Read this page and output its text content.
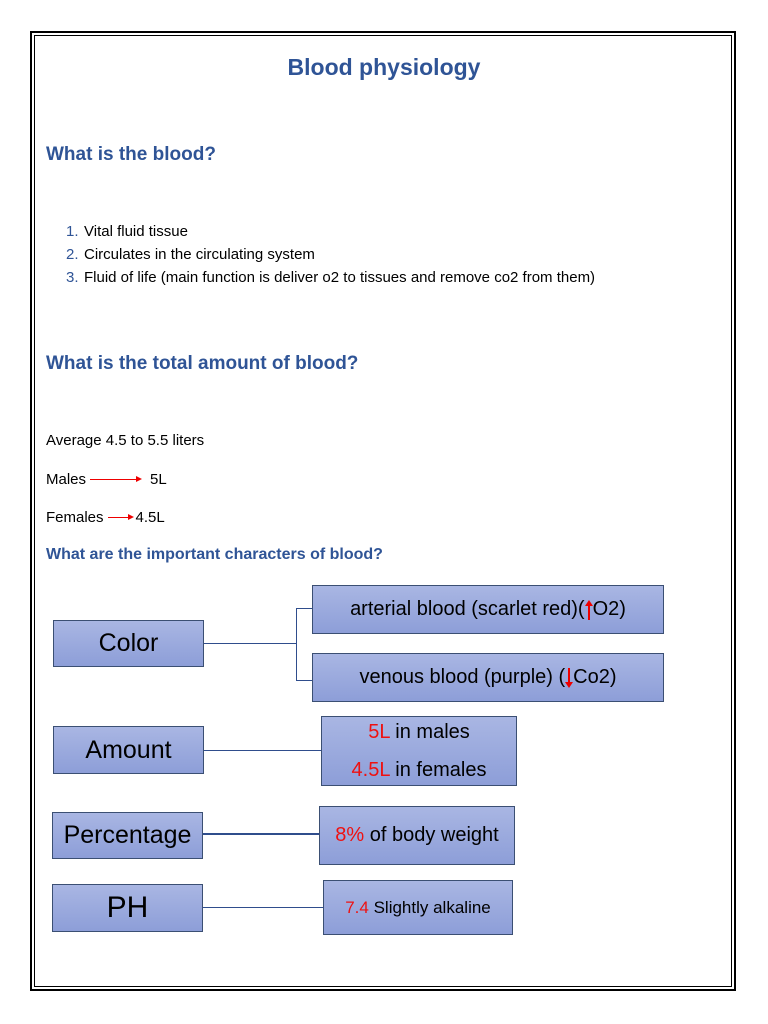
Blood physiology
What is the blood?
1. Vital fluid tissue
2. Circulates in the circulating system
3. Fluid of life (main function is deliver o2 to tissues and remove co2 from them)
What is the total amount of blood?
Average 4.5 to 5.5 liters
Males	5L
Females 4.5L
What are the important characters of blood?
Color
arterial blood (scarlet red)( O2)
venous blood (purple) ( Co2)
Amount
5L in males
4.5L in females
Percentage	8% of body weight
PH	7.4 Slightly alkaline
